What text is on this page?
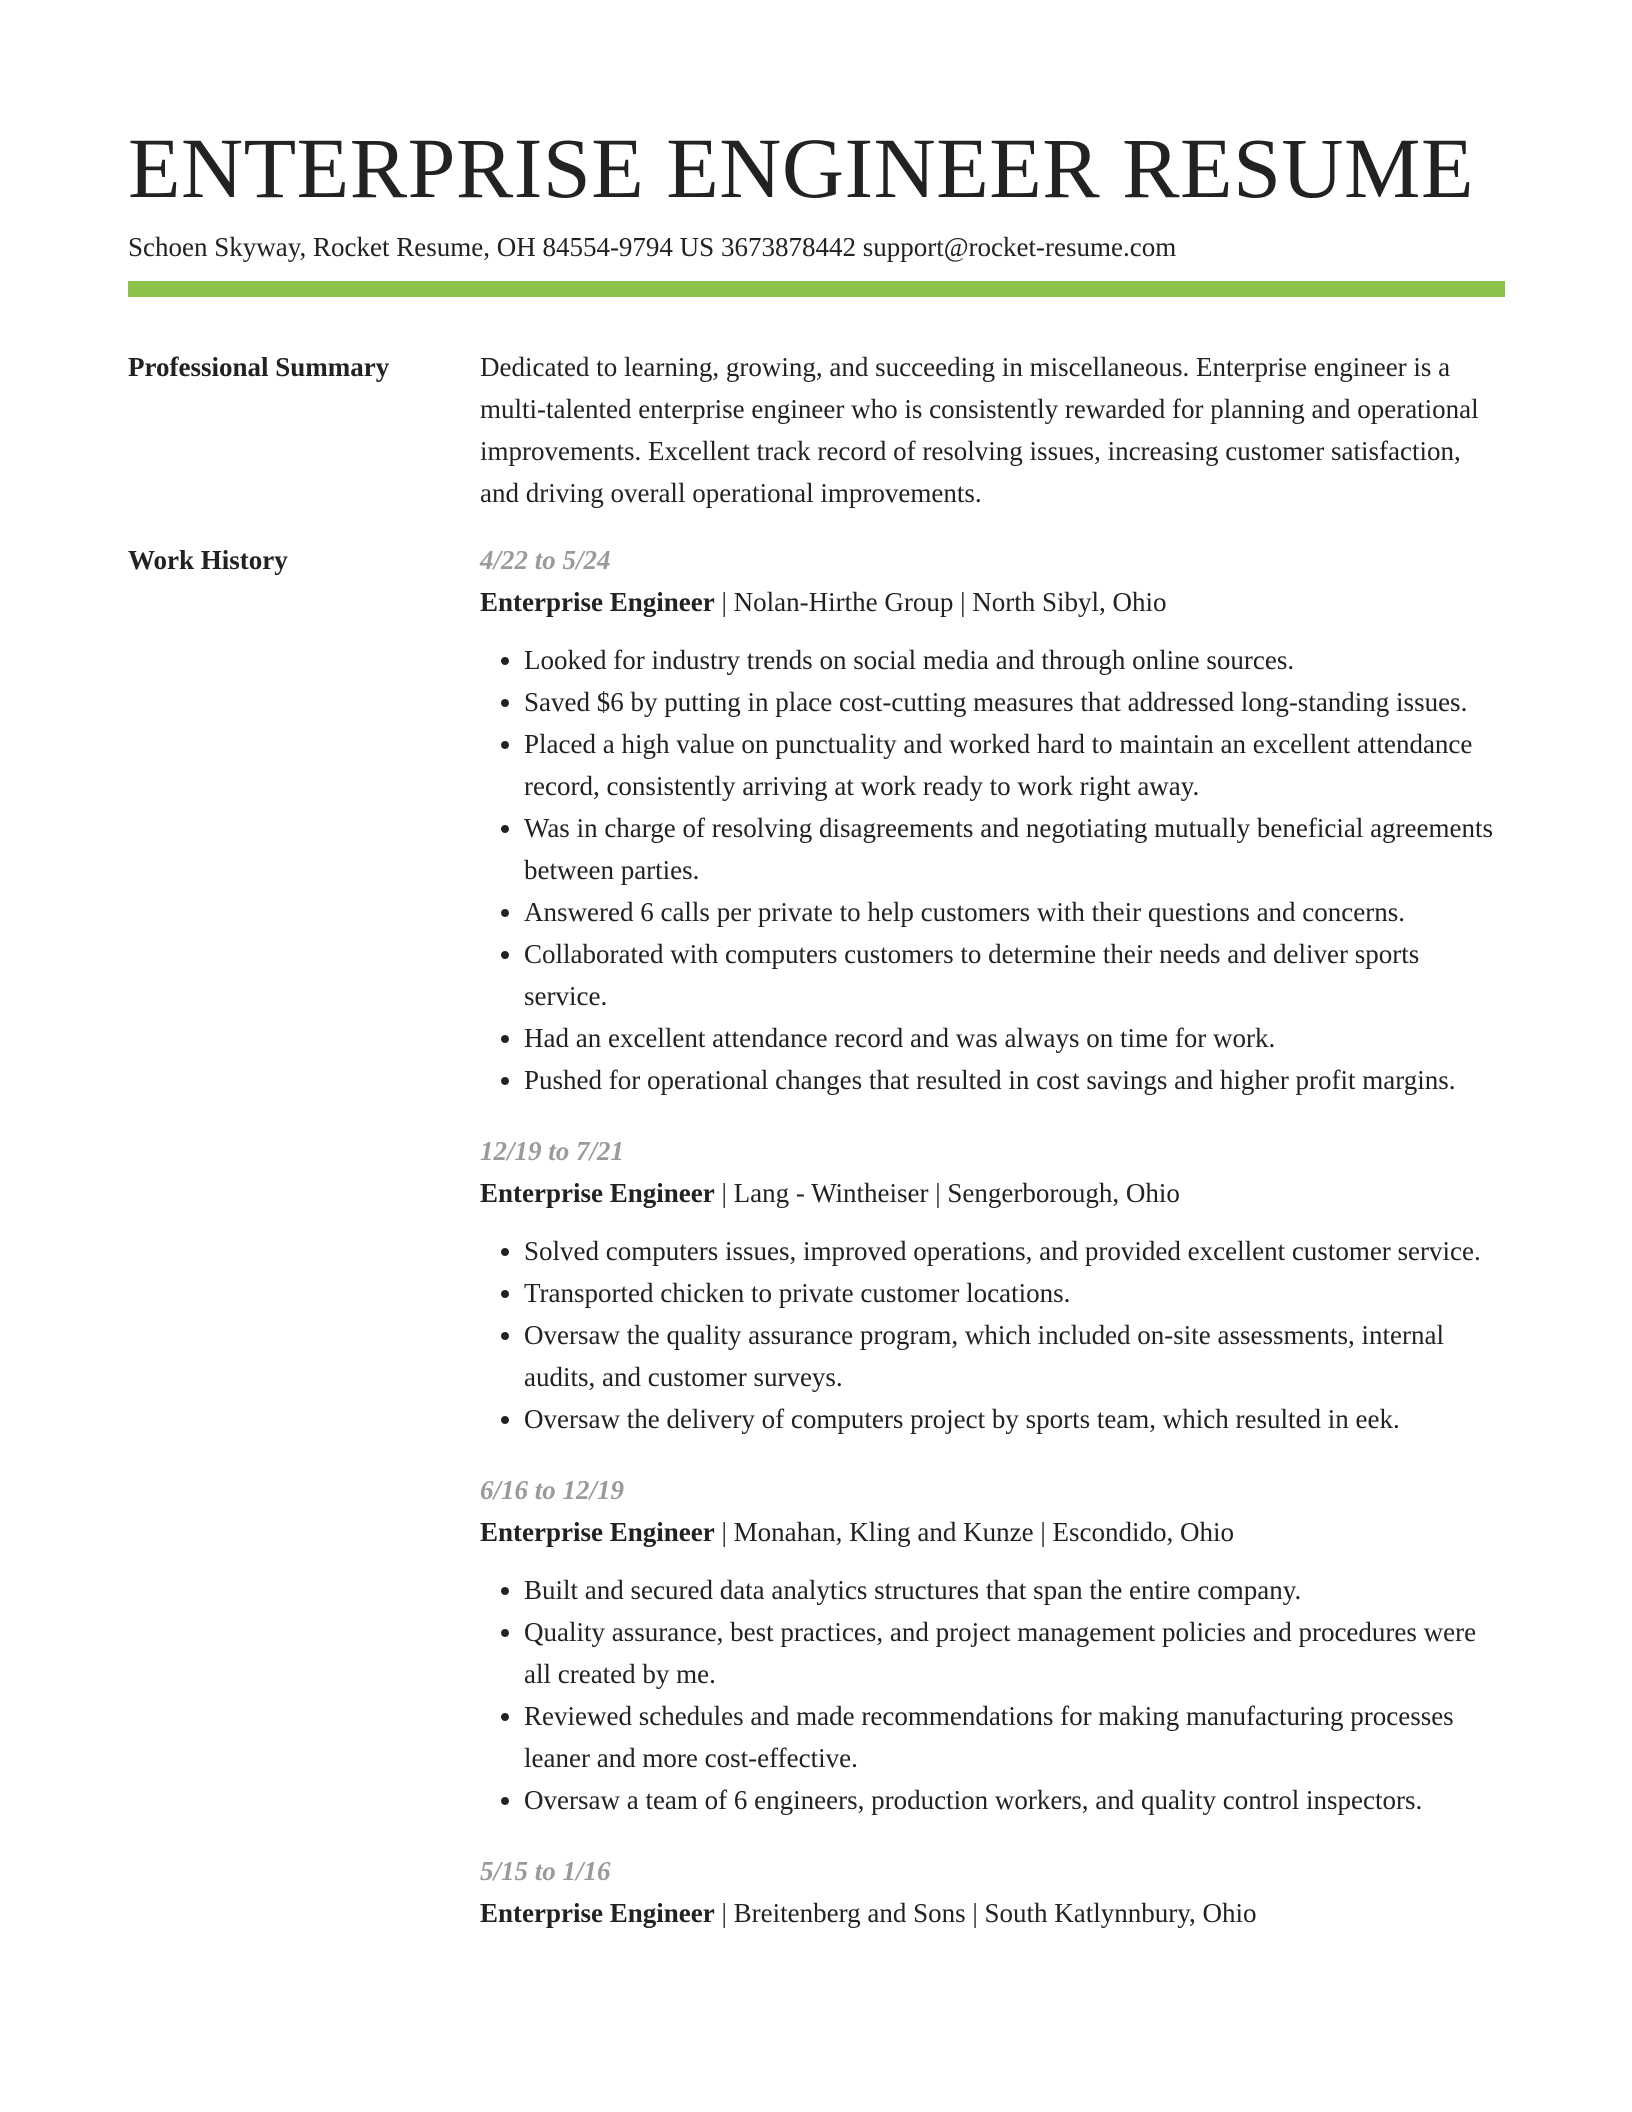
ENTERPRISE ENGINEER RESUME
Schoen Skyway, Rocket Resume, OH 84554-9794 US 3673878442 support@rocket-resume.com
Professional Summary	Dedicated to learning, growing, and succeeding in miscellaneous. Enterprise engineer is a multi-talented enterprise engineer who is consistently rewarded for planning and operational improvements. Excellent track record of resolving issues, increasing customer satisfaction, and driving overall operational improvements.
Work History	4/22 to 5/24
Enterprise Engineer | Nolan-Hirthe Group | North Sibyl, Ohio
• Looked for industry trends on social media and through online sources.
• Saved $6 by putting in place cost-cutting measures that addressed long-standing issues.
• Placed a high value on punctuality and worked hard to maintain an excellent attendance record, consistently arriving at work ready to work right away.
• Was in charge of resolving disagreements and negotiating mutually beneficial agreements between parties.
• Answered 6 calls per private to help customers with their questions and concerns.
• Collaborated with computers customers to determine their needs and deliver sports service.
• Had an excellent attendance record and was always on time for work.
• Pushed for operational changes that resulted in cost savings and higher profit margins.
12/19 to 7/21
Enterprise Engineer | Lang - Wintheiser | Sengerborough, Ohio
• Solved computers issues, improved operations, and provided excellent customer service.
• Transported chicken to private customer locations.
• Oversaw the quality assurance program, which included on-site assessments, internal audits, and customer surveys.
• Oversaw the delivery of computers project by sports team, which resulted in eek.
6/16 to 12/19
Enterprise Engineer | Monahan, Kling and Kunze | Escondido, Ohio
• Built and secured data analytics structures that span the entire company.
• Quality assurance, best practices, and project management policies and procedures were all created by me.
• Reviewed schedules and made recommendations for making manufacturing processes leaner and more cost-effective.
• Oversaw a team of 6 engineers, production workers, and quality control inspectors.
5/15 to 1/16
Enterprise Engineer | Breitenberg and Sons | South Katlynnbury, Ohio
